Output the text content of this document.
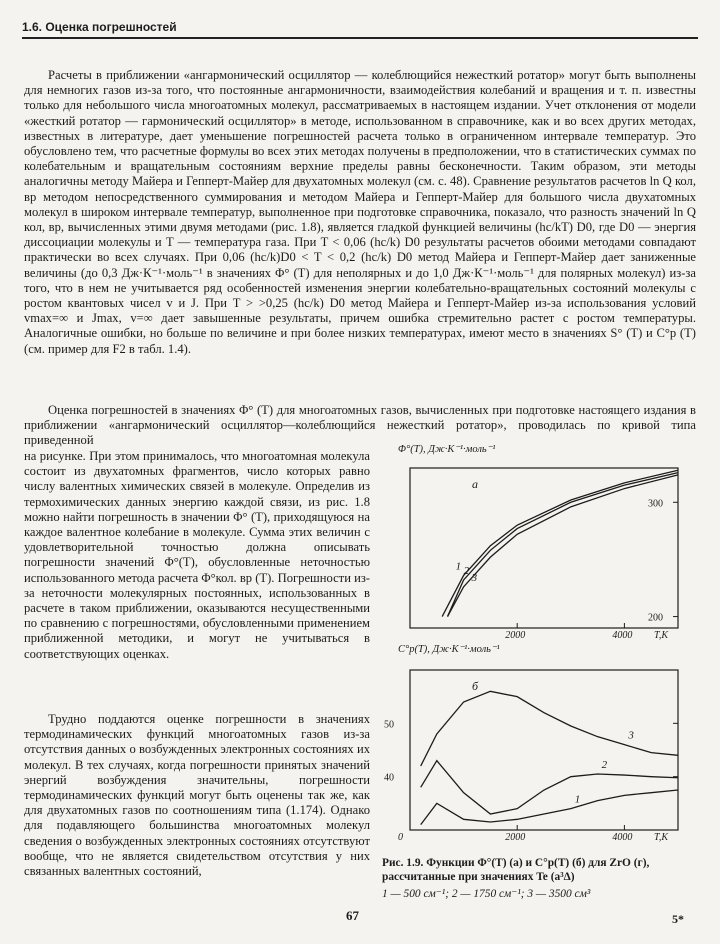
1.6. Оценка погрешностей

Расчеты в приближении «ангармонический осциллятор — колеблющийся нежесткий ротатор» могут быть выполнены для немногих газов из-за того, что постоянные ангармоничности, взаимодействия колебаний и вращения и т. п. известны только для небольшого числа многоатомных молекул, рассматриваемых в настоящем издании. Учет отклонения от модели «жесткий ротатор — гармонический осциллятор» в методе, использованном в справочнике, как и во всех других методах, известных в литературе, дает уменьшение погрешностей расчета только в ограниченном интервале температур. Это обусловлено тем, что расчетные формулы во всех этих методах получены в предположении, что в статистических суммах по колебательным и вращательным состояниям верхние пределы равны бесконечности. Таким образом, эти методы аналогичны методу Майера и Гепперт-Майер для двухатомных молекул (см. с. 48). Сравнение результатов расчетов ln Q кол, вр методом непосредственного суммирования и методом Майера и Гепперт-Майер для большого числа двухатомных молекул в широком интервале температур, выполненное при подготовке справочника, показало, что разность значений ln Q кол, вр, вычисленных этими двумя методами (рис. 1.8), является гладкой функцией величины (hc/kT) D0, где D0 — энергия диссоциации молекулы и T — температура газа. При T < 0,06 (hc/k) D0 результаты расчетов обоими методами совпадают практически во всех случаях. При 0,06 (hc/k)D0 < T < 0,2 (hc/k) D0 метод Майера и Гепперт-Майер дает заниженные величины (до 0,3 Дж·К⁻¹·моль⁻¹ в значениях Φ° (T) для неполярных и до 1,0 Дж·К⁻¹·моль⁻¹ для полярных молекул) из-за того, что в нем не учитывается ряд особенностей изменения энергии колебательно-вращательных состояний молекулы с ростом квантовых чисел v и J. При T > >0,25 (hc/k) D0 метод Майера и Гепперт-Майер из-за использования условий vmax=∞ и Jmax, v=∞ дает завышенные результаты, причем ошибка стремительно растет с ростом температуры. Аналогичные ошибки, но больше по величине и при более низких температурах, имеют место в значениях S° (T) и C°p (T) (см. пример для F2 в табл. 1.4).

Оценка погрешностей в значениях Φ° (T) для многоатомных газов, вычисленных при подготовке настоящего издания в приближении «ангармонический осциллятор—колеблющийся нежесткий ротатор», проводилась по кривой типа приведенной

на рисунке. При этом принималось, что многоатомная молекула состоит из двухатомных фрагментов, число которых равно числу валентных химических связей в молекуле. Определив из термохимических данных энергию каждой связи, из рис. 1.8 можно найти погрешность в значении Φ° (T), приходящуюся на каждое валентное колебание в молекуле. Сумма этих величин с удовлетворительной точностью должна описывать погрешности значений Φ°(T), обусловленные неточностью использованного метода расчета Φ°кол. вр (T). Погрешности из-за неточности молекулярных постоянных, использованных в расчете в таком приближении, оказываются несущественными по сравнению с погрешностями, обусловленными применением приближенной методики, и могут не учитываться в соответствующих оценках.

Трудно поддаются оценке погрешности в значениях термодинамических функций многоатомных газов из-за отсутствия данных о возбужденных электронных состояниях их молекул. В тех случаях, когда погрешности принятых значений энергий возбуждения значительны, погрешности термодинамических функций могут быть оценены так же, как для двухатомных газов по соотношениям типа (1.174). Однако для подавляющего большинства многоатомных молекул сведения о возбужденных электронных состояниях отсутствуют вообще, что не является свидетельством отсутствия у них связанных валентных состояний,

Φ°(T), Дж·К⁻¹·моль⁻¹
T,K
2000	4000
200
300
a
1 2
3
C°p(T), Дж·К⁻¹·моль⁻¹
T,K
0	2000	4000
40
50
б
1
2
3
Рис. 1.9. Функции Φ°(T) (a) и C°p(T) (б) для ZrO (г), рассчитанные при значениях Te (a³Δ)
1 — 500 см⁻¹; 2 — 1750 см⁻¹; 3 — 3500 см³
67	5*
